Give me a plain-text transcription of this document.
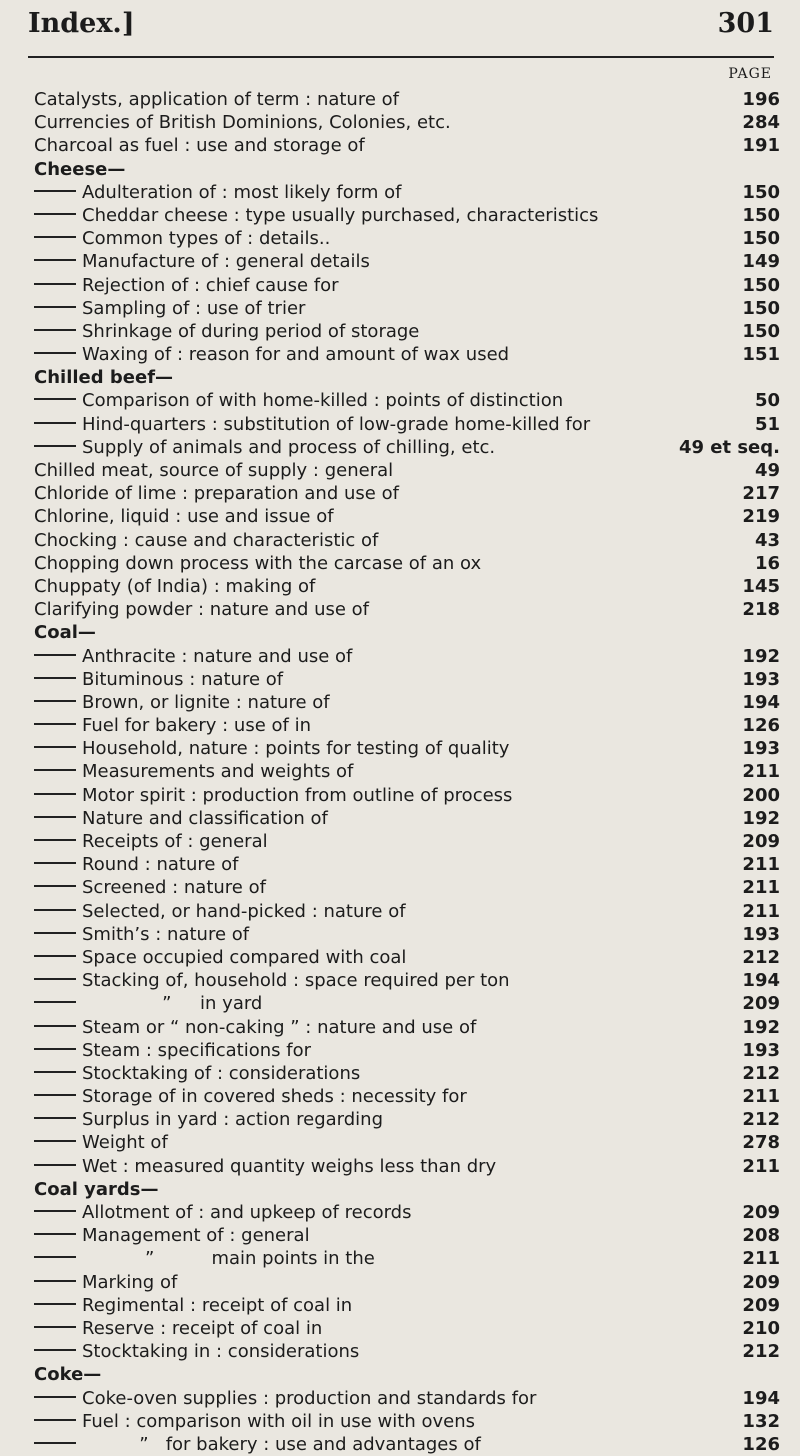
Index.]	301
PAGE
Catalysts, application of term : nature of	196
Currencies of British Dominions, Colonies, etc.	284
Charcoal as fuel : use and storage of	191
Cheese—
Adulteration of : most likely form of	150
Cheddar cheese : type usually purchased, characteristics	150
Common types of : details..	150
Manufacture of : general details	149
Rejection of : chief cause for	150
Sampling of : use of trier	150
Shrinkage of during period of storage	150
Waxing of : reason for and amount of wax used	151
Chilled beef—
Comparison of with home-killed : points of distinction	50
Hind-quarters : substitution of low-grade home-killed for	51
Supply of animals and process of chilling, etc.	49 et seq.
Chilled meat, source of supply : general	49
Chloride of lime : preparation and use of	217
Chlorine, liquid : use and issue of	219
Chocking : cause and characteristic of	43
Chopping down process with the carcase of an ox	16
Chuppaty (of India) : making of	145
Clarifying powder : nature and use of	218
Coal—
Anthracite : nature and use of	192
Bituminous : nature of	193
Brown, or lignite : nature of	194
Fuel for bakery : use of in	126
Household, nature : points for testing of quality	193
Measurements and weights of	211
Motor spirit : production from outline of process	200
Nature and classification of	192
Receipts of : general	209
Round : nature of	211
Screened : nature of	211
Selected, or hand-picked : nature of	211
Smith’s : nature of	193
Space occupied compared with coal	212
Stacking of, household : space required per ton	194
”     in yard	209
Steam or “ non-caking ” : nature and use of	192
Steam : specifications for	193
Stocktaking of : considerations	212
Storage of in covered sheds : necessity for	211
Surplus in yard : action regarding	212
Weight of	278
Wet : measured quantity weighs less than dry	211
Coal yards—
Allotment of : and upkeep of records	209
Management of : general	208
”          main points in the	211
Marking of	209
Regimental : receipt of coal in	209
Reserve : receipt of coal in	210
Stocktaking in : considerations	212
Coke—
Coke-oven supplies : production and standards for	194
Fuel : comparison with oil in use with ovens	132
”   for bakery : use and advantages of	126
